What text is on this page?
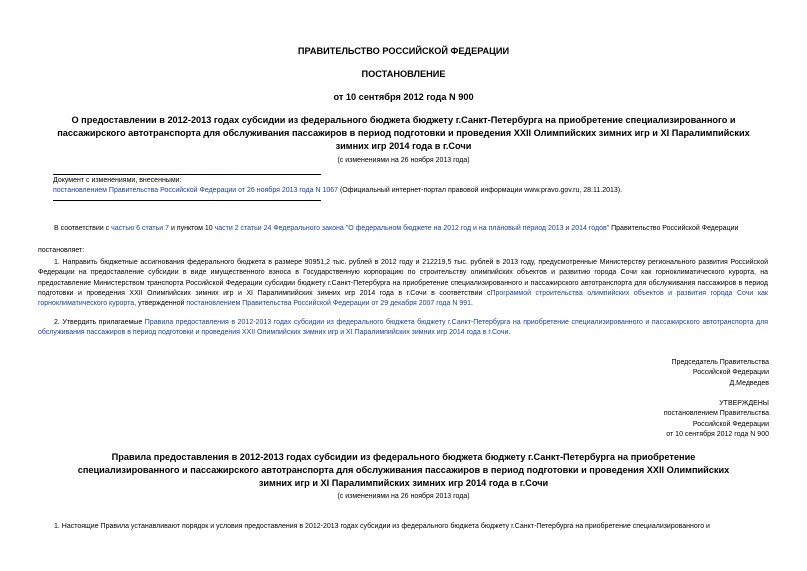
ПРАВИТЕЛЬСТВО РОССИЙСКОЙ ФЕДЕРАЦИИ
ПОСТАНОВЛЕНИЕ
от 10 сентября 2012 года N 900
О предоставлении в 2012-2013 годах субсидии из федерального бюджета бюджету г.Санкт-Петербурга на приобретение специализированного и пассажирского автотранспорта для обслуживания пассажиров в период подготовки и проведения XXII Олимпийских зимних игр и XI Паралимпийских зимних игр 2014 года в г.Сочи
(с изменениями на 26 ноября 2013 года)
Документ с изменениями, внесенными:
постановлением Правительства Российской Федерации от 26 ноября 2013 года N 1067 (Официальный интернет-портал правовой информации www.pravo.gov.ru, 28.11.2013).
В соответствии с частью 6 статьи 7 и пунктом 10 части 2 статьи 24 Федерального закона "О федеральном бюджете на 2012 год и на плановый период 2013 и 2014 годов" Правительство Российской Федерации
постановляет:
1. Направить бюджетные ассигнования федерального бюджета в размере 90951,2 тыс. рублей в 2012 году и 212219,5 тыс. рублей в 2013 году, предусмотренные Министерству регионального развития Российской Федерации на предоставление субсидии в виде имущественного взноса в Государственную корпорацию по строительству олимпийских объектов и развитию города Сочи как горноклиматического курорта, на предоставление Министерством транспорта Российской Федерации субсидии бюджету г.Санкт-Петербурга на приобретение специализированного и пассажирского автотранспорта для обслуживания пассажиров в период подготовки и проведения XXII Олимпийских зимних игр и XI Паралимпийских зимних игр 2014 года в г.Сочи в соответствии сПрограммой строительства олимпийских объектов и развития города Сочи как горноклиматического курорта, утвержденной постановлением Правительства Российской Федерации от 29 декабря 2007 года N 991.
2. Утвердить прилагаемые Правила предоставления в 2012-2013 годах субсидии из федерального бюджета бюджету г.Санкт-Петербурга на приобретение специализированного и пассажирского автотранспорта для обслуживания пассажиров в период подготовки и проведения XXII Олимпийских зимних игр и XI Паралимпийских зимних игр 2014 года в г.Сочи.
Председатель Правительства
Российской Федерации
Д.Медведев
УТВЕРЖДЕНЫ
постановлением Правительства
Российской Федерации
от 10 сентября 2012 года N 900
Правила предоставления в 2012-2013 годах субсидии из федерального бюджета бюджету г.Санкт-Петербурга на приобретение специализированного и пассажирского автотранспорта для обслуживания пассажиров в период подготовки и проведения XXII Олимпийских зимних игр и XI Паралимпийских зимних игр 2014 года в г.Сочи
(с изменениями на 26 ноября 2013 года)
1. Настоящие Правила устанавливают порядок и условия предоставления в 2012-2013 годах субсидии из федерального бюджета бюджету г.Санкт-Петербурга на приобретение специализированного и
